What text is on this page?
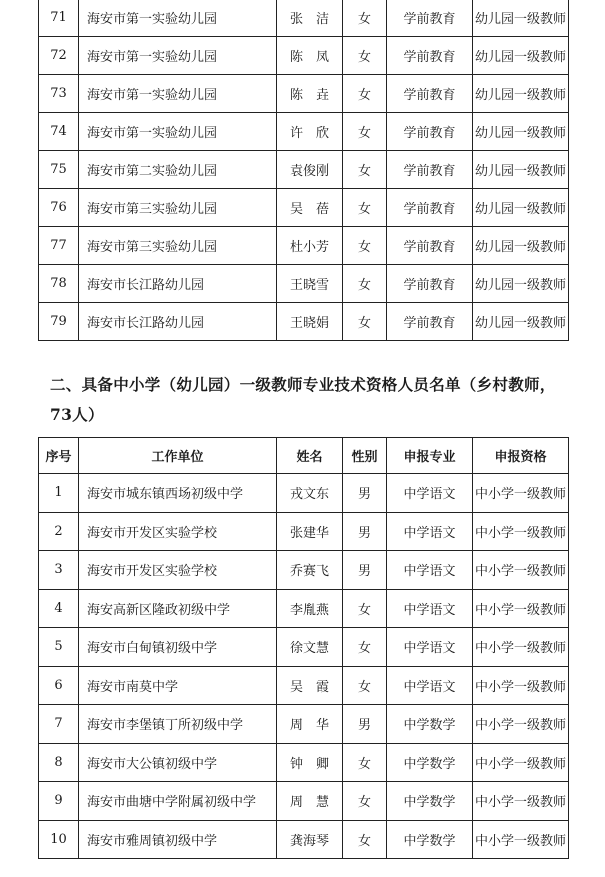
71	海安市第一实验幼儿园	张　洁	女	学前教育	幼儿园一级教师
72	海安市第一实验幼儿园	陈　凤	女	学前教育	幼儿园一级教师
73	海安市第一实验幼儿园	陈　垚	女	学前教育	幼儿园一级教师
74	海安市第一实验幼儿园	许　欣	女	学前教育	幼儿园一级教师
75	海安市第二实验幼儿园	袁俊刚	女	学前教育	幼儿园一级教师
76	海安市第三实验幼儿园	吴　蓓	女	学前教育	幼儿园一级教师
77	海安市第三实验幼儿园	杜小芳	女	学前教育	幼儿园一级教师
78	海安市长江路幼儿园	王晓雪	女	学前教育	幼儿园一级教师
79	海安市长江路幼儿园	王晓娟	女	学前教育	幼儿园一级教师
二、具备中小学（幼儿园）一级教师专业技术资格人员名单（乡村教师，73人）
序号	工作单位	姓名	性别	申报专业	申报资格
1	海安市城东镇西场初级中学	戎文东	男	中学语文	中小学一级教师
2	海安市开发区实验学校	张建华	男	中学语文	中小学一级教师
3	海安市开发区实验学校	乔赛飞	男	中学语文	中小学一级教师
4	海安高新区隆政初级中学	李胤燕	女	中学语文	中小学一级教师
5	海安市白甸镇初级中学	徐文慧	女	中学语文	中小学一级教师
6	海安市南莫中学	吴　霞	女	中学语文	中小学一级教师
7	海安市李堡镇丁所初级中学	周　华	男	中学数学	中小学一级教师
8	海安市大公镇初级中学	钟　卿	女	中学数学	中小学一级教师
9	海安市曲塘中学附属初级中学	周　慧	女	中学数学	中小学一级教师
10	海安市雅周镇初级中学	龚海琴	女	中学数学	中小学一级教师
